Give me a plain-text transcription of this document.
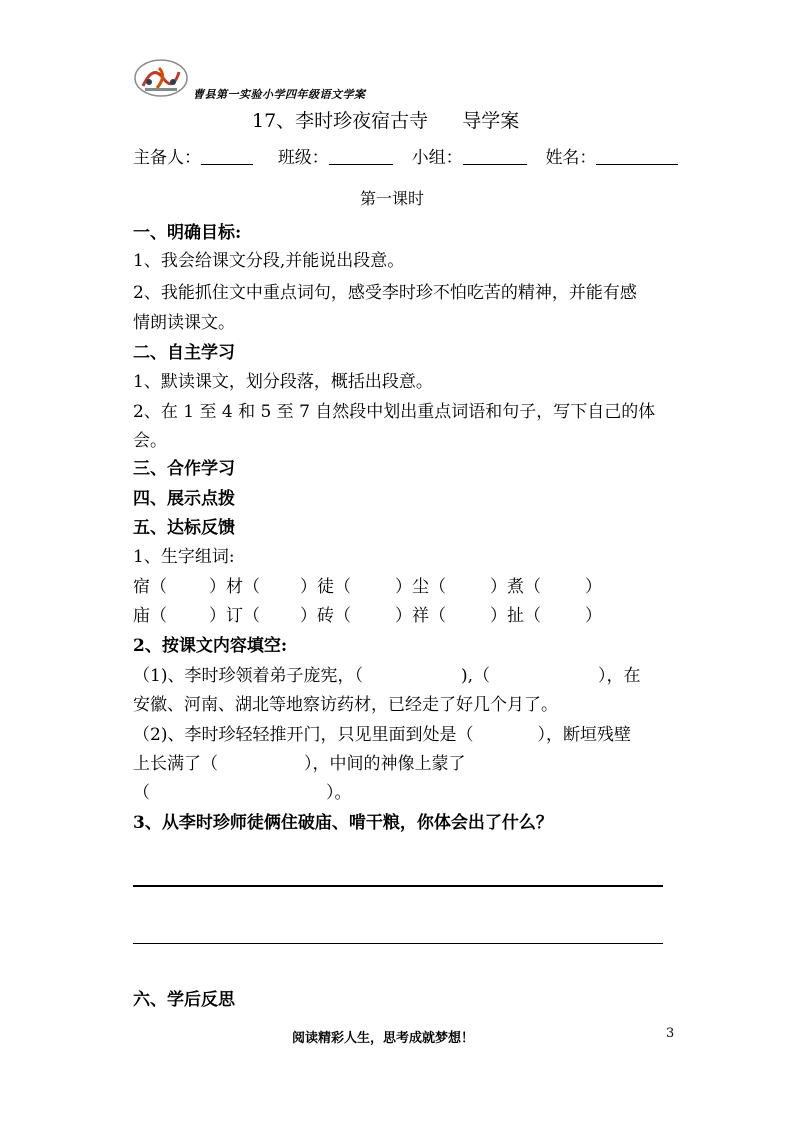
曹县第一实验小学四年级语文学案
17、李时珍夜宿古寺 导学案
主备人：	班级：	小组：	姓名：
第一课时
一、明确目标:
1、我会给课文分段,并能说出段意。
2、我能抓住文中重点词句，感受李时珍不怕吃苦的精神，并能有感
情朗读课文。
二、自主学习
1、默读课文，划分段落，概括出段意。
2、在 1 至 4 和 5 至 7 自然段中划出重点词语和句子，写下自己的体
会。
三、合作学习
四、展示点拨
五、达标反馈
1、生字组词:
宿（ ）材（ ）徒（	）尘（	）煮（	）
庙（ ）订（ ）砖（	）祥（	）扯（	）
2、按课文内容填空:
（1)、李时珍领着弟子庞宪，（	),（	），在
安徽、河南、湖北等地察访药材，已经走了好几个月了。
（2)、李时珍轻轻推开门，只见里面到处是（	），断垣残壁
上长满了（	），中间的神像上蒙了
（	）。
3、从李时珍师徒俩住破庙、啃干粮，你体会出了什么？
六、学后反思
阅读精彩人生，思考成就梦想！	3
